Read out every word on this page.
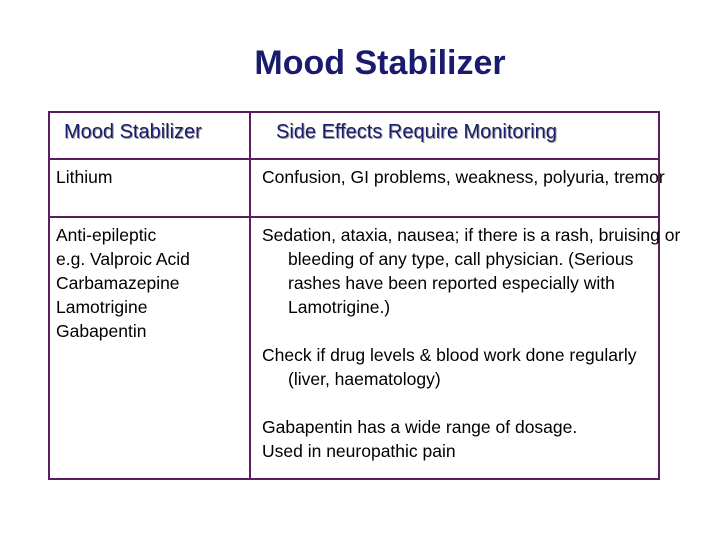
Mood Stabilizer
Mood Stabilizer	Side Effects Require Monitoring
Lithium	Confusion, GI problems, weakness, polyuria, tremor
Anti-epileptic
e.g. Valproic Acid
Carbamazepine
Lamotrigine
Gabapentin
Sedation, ataxia, nausea; if there is a rash, bruising or bleeding of any type, call physician. (Serious rashes have been reported especially with Lamotrigine.)
Check if drug levels & blood work done regularly (liver, haematology)
Gabapentin has a wide range of dosage.
Used in neuropathic pain
